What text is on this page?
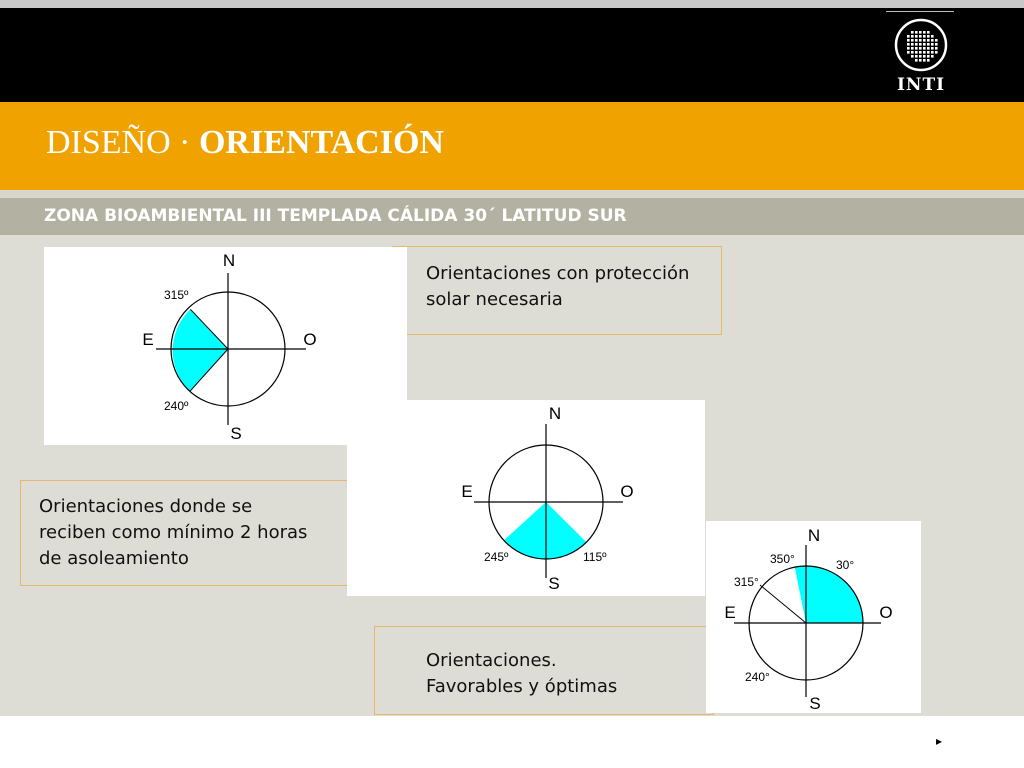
INTI
DISEÑO · ORIENTACIÓN
ZONA BIOAMBIENTAL III TEMPLADA CÁLIDA 30´ LATITUD SUR
Orientaciones con protección
solar necesaria
Orientaciones donde se
reciben como mínimo 2 horas
de asoleamiento
Orientaciones.
Favorables y óptimas
N
S
E	O
315º
240º	N
S
E	O
245º	115º
N
S
E	O
350°	30°
315°
240°
▸
